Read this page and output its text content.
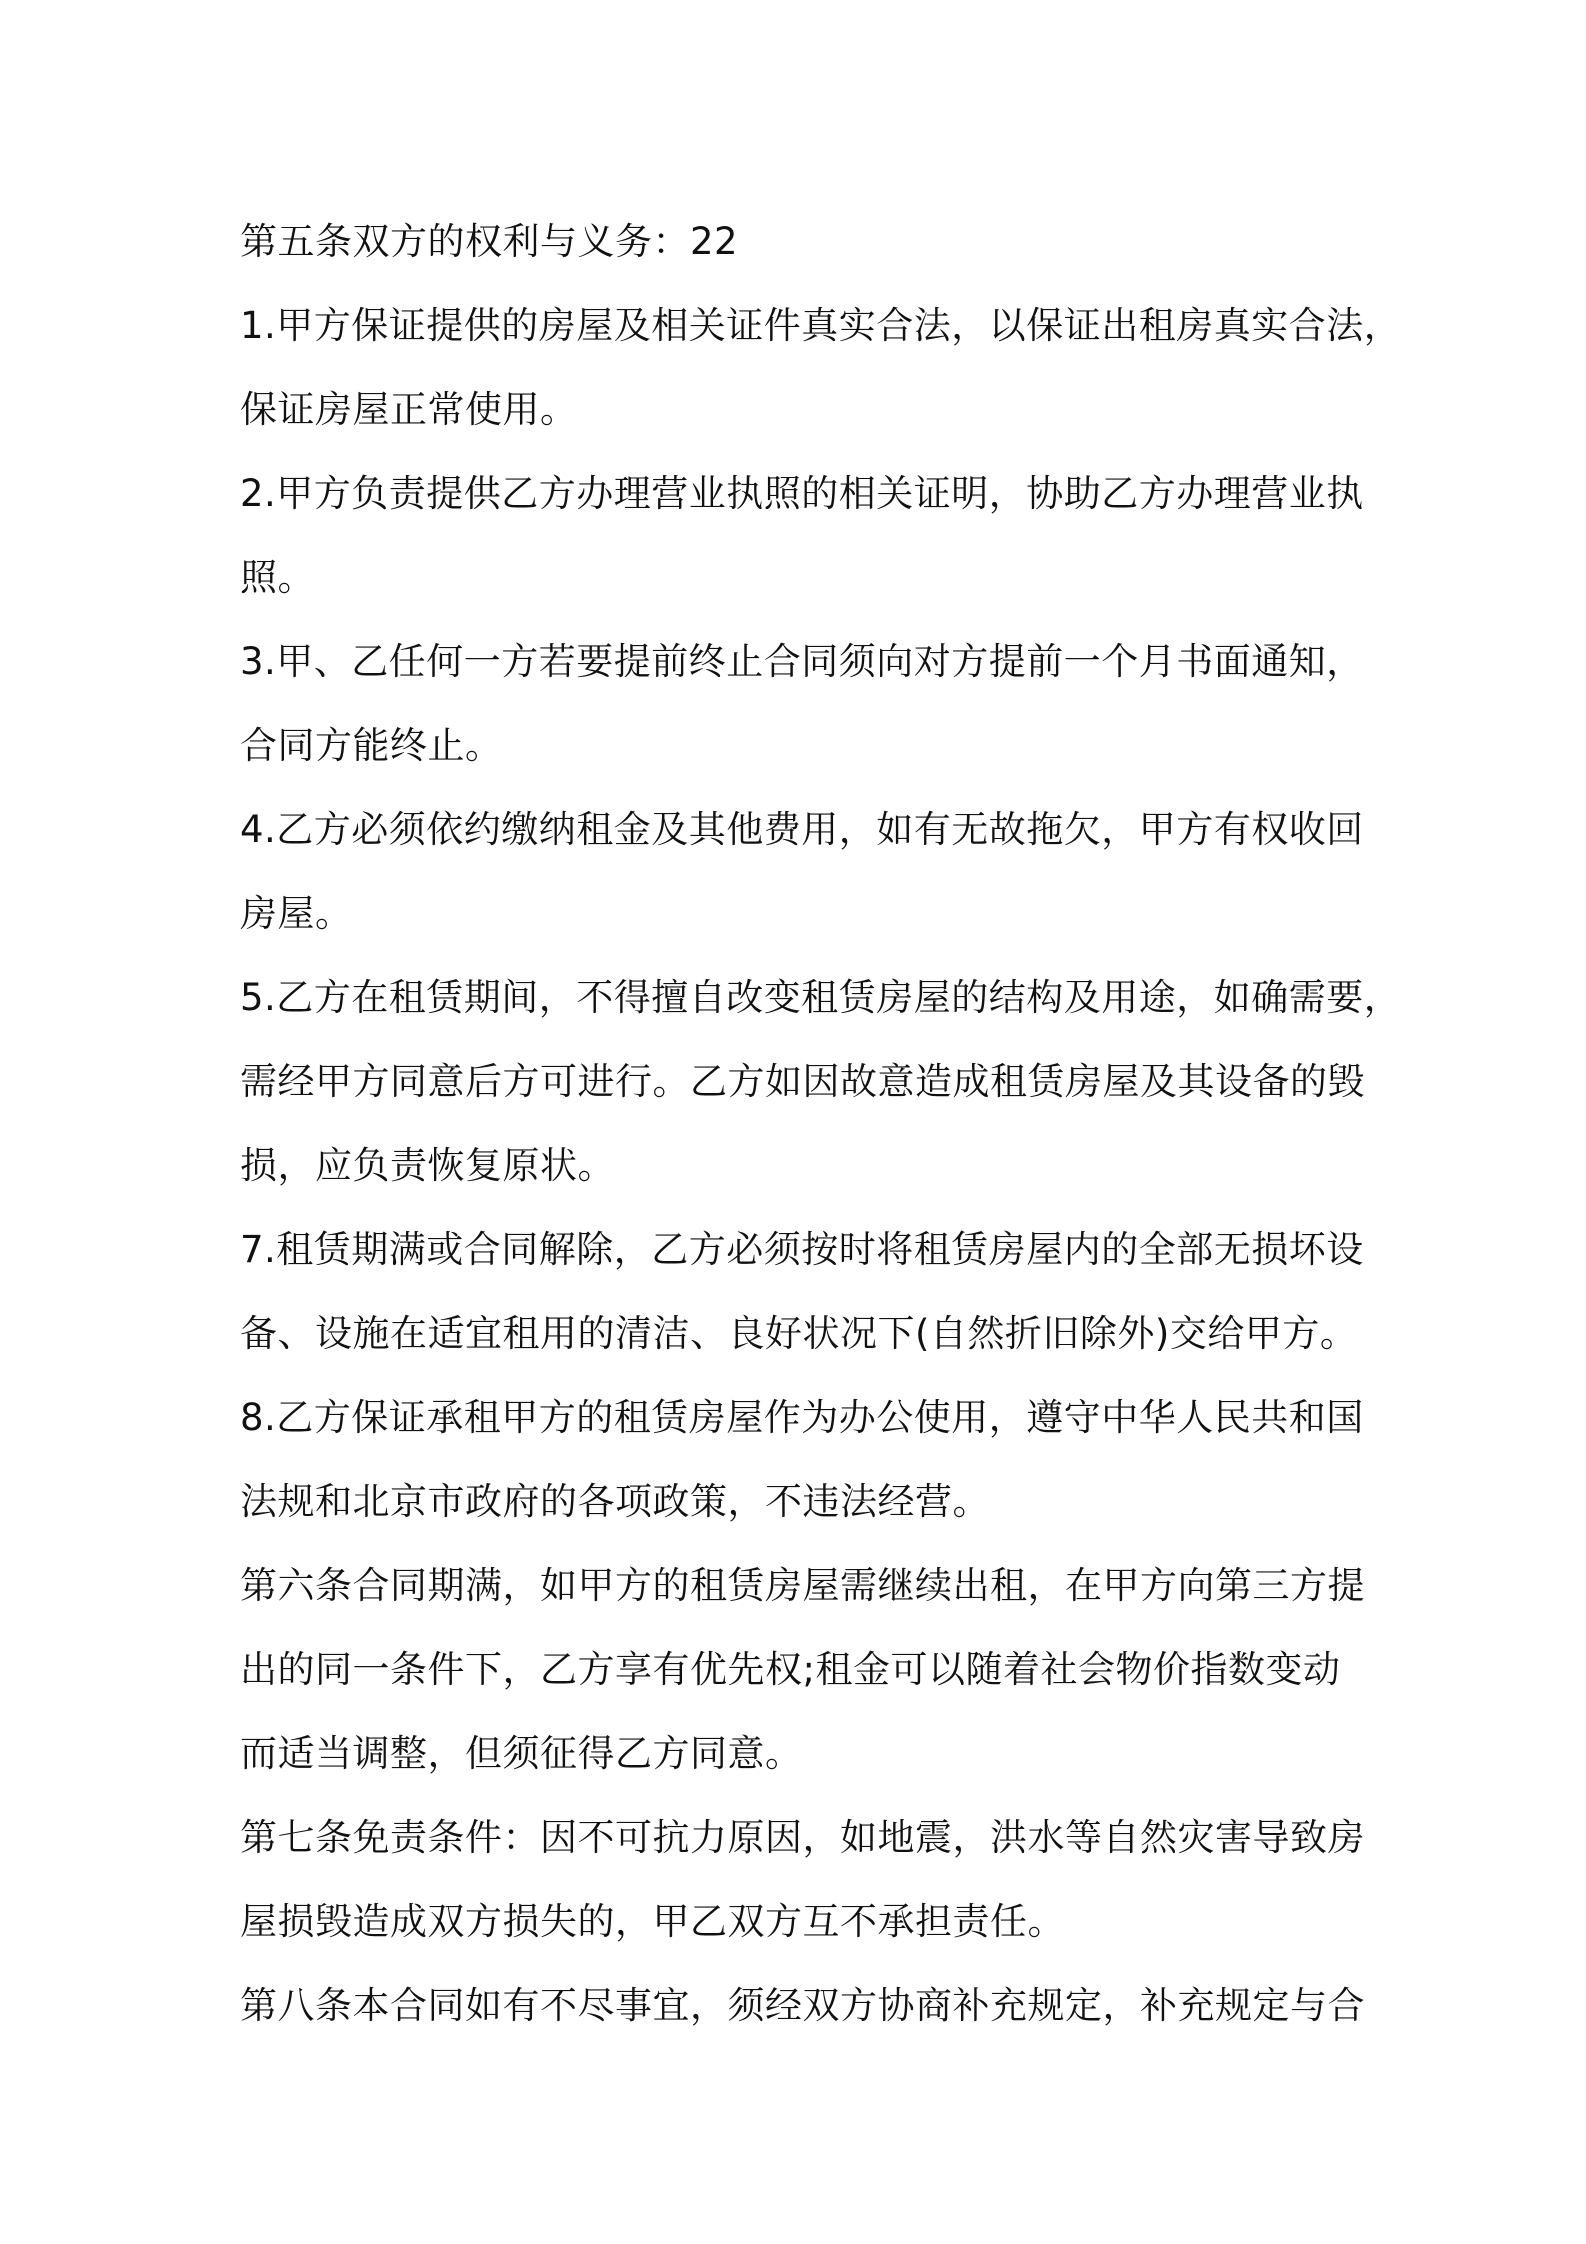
第五条双方的权利与义务：22
1.甲方保证提供的房屋及相关证件真实合法，以保证出租房真实合法，
保证房屋正常使用。
2.甲方负责提供乙方办理营业执照的相关证明，协助乙方办理营业执
照。
3.甲、乙任何一方若要提前终止合同须向对方提前一个月书面通知，
合同方能终止。
4.乙方必须依约缴纳租金及其他费用，如有无故拖欠，甲方有权收回
房屋。
5.乙方在租赁期间，不得擅自改变租赁房屋的结构及用途，如确需要，
需经甲方同意后方可进行。乙方如因故意造成租赁房屋及其设备的毁
损，应负责恢复原状。
7.租赁期满或合同解除，乙方必须按时将租赁房屋内的全部无损坏设
备、设施在适宜租用的清洁、良好状况下(自然折旧除外)交给甲方。
8.乙方保证承租甲方的租赁房屋作为办公使用，遵守中华人民共和国
法规和北京市政府的各项政策，不违法经营。
第六条合同期满，如甲方的租赁房屋需继续出租，在甲方向第三方提
出的同一条件下，乙方享有优先权;租金可以随着社会物价指数变动
而适当调整，但须征得乙方同意。
第七条免责条件：因不可抗力原因，如地震，洪水等自然灾害导致房
屋损毁造成双方损失的，甲乙双方互不承担责任。
第八条本合同如有不尽事宜，须经双方协商补充规定，补充规定与合
